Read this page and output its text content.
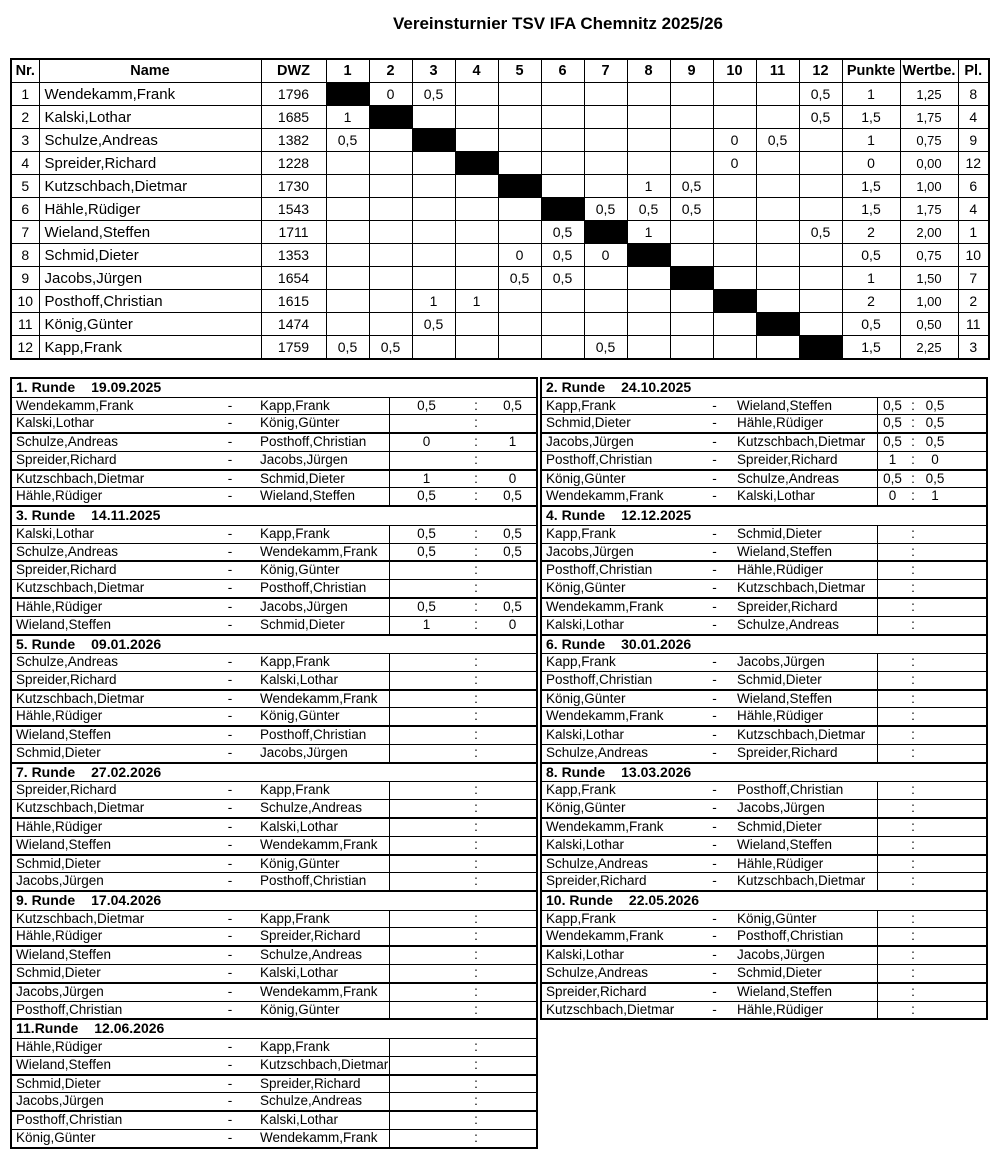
Vereinsturnier TSV IFA Chemnitz 2025/26
Nr.	Name	DWZ	1	2	3	4	5	6	7	8	9	10	11	12	Punkte	Wertbe.	Pl.
1	Wendekamm,Frank	1796		0	0,5									0,5	1	1,25	8
2	Kalski,Lothar	1685	1											0,5	1,5	1,75	4
3	Schulze,Andreas	1382	0,5									0	0,5		1	0,75	9
4	Spreider,Richard	1228										0			0	0,00	12
5	Kutzschbach,Dietmar	1730								1	0,5				1,5	1,00	6
6	Hähle,Rüdiger	1543							0,5	0,5	0,5				1,5	1,75	4
7	Wieland,Steffen	1711						0,5		1				0,5	2	2,00	1
8	Schmid,Dieter	1353					0	0,5	0						0,5	0,75	10
9	Jacobs,Jürgen	1654					0,5	0,5							1	1,50	7
10	Posthoff,Christian	1615			1	1									2	1,00	2
11	König,Günter	1474			0,5										0,5	0,50	11
12	Kapp,Frank	1759	0,5	0,5					0,5						1,5	2,25	3
1. Runde 19.09.2025
Wendekamm,Frank	-	Kapp,Frank	0,5	:	0,5
Kalski,Lothar	-	König,Günter	:
Schulze,Andreas	-	Posthoff,Christian	0	:	1
Spreider,Richard	-	Jacobs,Jürgen	:
Kutzschbach,Dietmar	-	Schmid,Dieter	1	:	0
Hähle,Rüdiger	-	Wieland,Steffen	0,5	:	0,5
3. Runde 14.11.2025
Kalski,Lothar	-	Kapp,Frank	0,5	:	0,5
Schulze,Andreas	-	Wendekamm,Frank	0,5	:	0,5
Spreider,Richard	-	König,Günter	:
Kutzschbach,Dietmar	-	Posthoff,Christian	:
Hähle,Rüdiger	-	Jacobs,Jürgen	0,5	:	0,5
Wieland,Steffen	-	Schmid,Dieter	1	:	0
5. Runde 09.01.2026
Schulze,Andreas	-	Kapp,Frank	:
Spreider,Richard	-	Kalski,Lothar	:
Kutzschbach,Dietmar	-	Wendekamm,Frank	:
Hähle,Rüdiger	-	König,Günter	:
Wieland,Steffen	-	Posthoff,Christian	:
Schmid,Dieter	-	Jacobs,Jürgen	:
7. Runde 27.02.2026
Spreider,Richard	-	Kapp,Frank	:
Kutzschbach,Dietmar	-	Schulze,Andreas	:
Hähle,Rüdiger	-	Kalski,Lothar	:
Wieland,Steffen	-	Wendekamm,Frank	:
Schmid,Dieter	-	König,Günter	:
Jacobs,Jürgen	-	Posthoff,Christian	:
9. Runde 17.04.2026
Kutzschbach,Dietmar	-	Kapp,Frank	:
Hähle,Rüdiger	-	Spreider,Richard	:
Wieland,Steffen	-	Schulze,Andreas	:
Schmid,Dieter	-	Kalski,Lothar	:
Jacobs,Jürgen	-	Wendekamm,Frank	:
Posthoff,Christian	-	König,Günter	:
11.Runde 12.06.2026
Hähle,Rüdiger	-	Kapp,Frank	:
Wieland,Steffen	-	Kutzschbach,Dietmar	:
Schmid,Dieter	-	Spreider,Richard	:
Jacobs,Jürgen	-	Schulze,Andreas	:
Posthoff,Christian	-	Kalski,Lothar	:
König,Günter	-	Wendekamm,Frank	:
2. Runde 24.10.2025
Kapp,Frank	-	Wieland,Steffen	0,5 : 0,5
Schmid,Dieter	-	Hähle,Rüdiger	0,5 : 0,5
Jacobs,Jürgen	-	Kutzschbach,Dietmar	0,5 : 0,5
Posthoff,Christian	-	Spreider,Richard	1	:	0
König,Günter	-	Schulze,Andreas	0,5 : 0,5
Wendekamm,Frank	-	Kalski,Lothar	0	:	1
4. Runde 12.12.2025
Kapp,Frank	-	Schmid,Dieter	:
Jacobs,Jürgen	-	Wieland,Steffen	:
Posthoff,Christian	-	Hähle,Rüdiger	:
König,Günter	-	Kutzschbach,Dietmar	:
Wendekamm,Frank	-	Spreider,Richard	:
Kalski,Lothar	-	Schulze,Andreas	:
6. Runde 30.01.2026
Kapp,Frank	-	Jacobs,Jürgen	:
Posthoff,Christian	-	Schmid,Dieter	:
König,Günter	-	Wieland,Steffen	:
Wendekamm,Frank	-	Hähle,Rüdiger	:
Kalski,Lothar	-	Kutzschbach,Dietmar	:
Schulze,Andreas	-	Spreider,Richard	:
8. Runde 13.03.2026
Kapp,Frank	-	Posthoff,Christian	:
König,Günter	-	Jacobs,Jürgen	:
Wendekamm,Frank	-	Schmid,Dieter	:
Kalski,Lothar	-	Wieland,Steffen	:
Schulze,Andreas	-	Hähle,Rüdiger	:
Spreider,Richard	-	Kutzschbach,Dietmar	:
10. Runde 22.05.2026
Kapp,Frank	-	König,Günter	:
Wendekamm,Frank	-	Posthoff,Christian	:
Kalski,Lothar	-	Jacobs,Jürgen	:
Schulze,Andreas	-	Schmid,Dieter	:
Spreider,Richard	-	Wieland,Steffen	:
Kutzschbach,Dietmar	-	Hähle,Rüdiger	:
